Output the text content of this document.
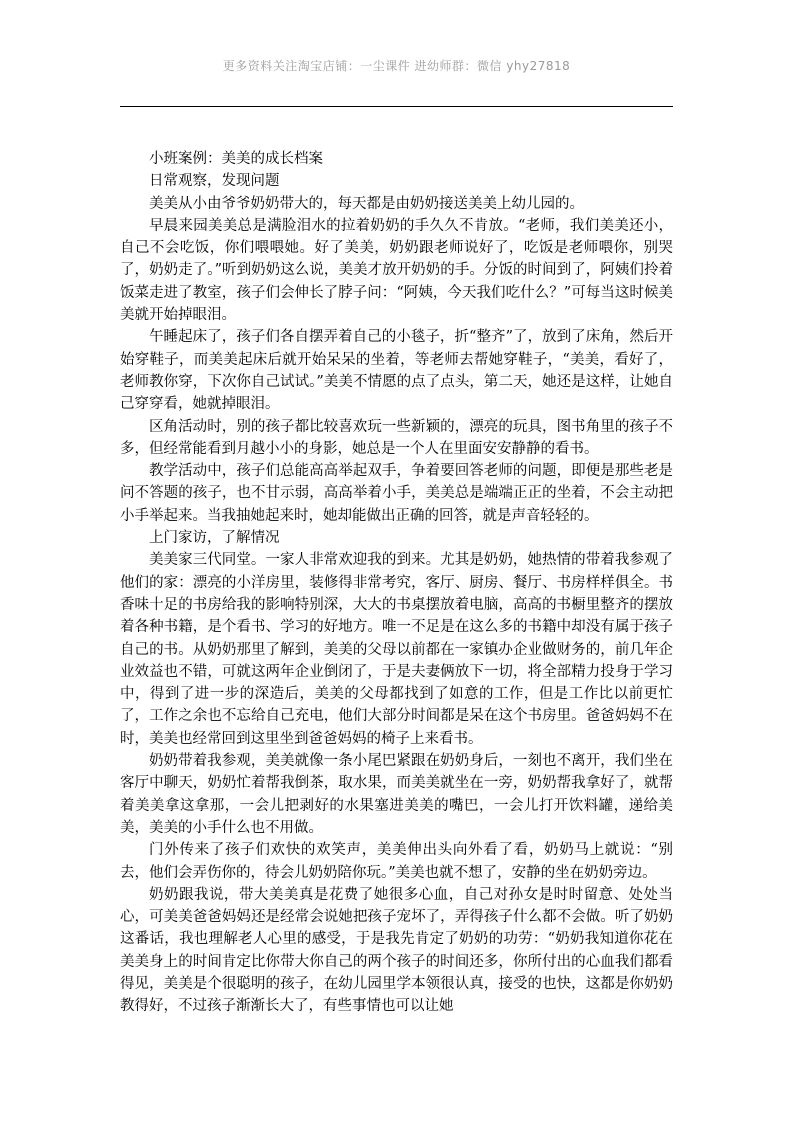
更多资料关注淘宝店铺：一尘课件 进幼师群：微信 yhy27818

小班案例：美美的成长档案

日常观察，发现问题

美美从小由爷爷奶奶带大的，每天都是由奶奶接送美美上幼儿园的。

早晨来园美美总是满脸泪水的拉着奶奶的手久久不肯放。“老师，我们美美还小，自己不会吃饭，你们喂喂她。好了美美，奶奶跟老师说好了，吃饭是老师喂你，别哭了，奶奶走了。”听到奶奶这么说，美美才放开奶奶的手。分饭的时间到了，阿姨们拎着饭菜走进了教室，孩子们会伸长了脖子问：“阿姨，今天我们吃什么？”可每当这时候美美就开始掉眼泪。

午睡起床了，孩子们各自摆弄着自己的小毯子，折“整齐”了，放到了床角，然后开始穿鞋子，而美美起床后就开始呆呆的坐着，等老师去帮她穿鞋子，“美美，看好了，老师教你穿，下次你自己试试。”美美不情愿的点了点头，第二天，她还是这样，让她自己穿穿看，她就掉眼泪。

区角活动时，别的孩子都比较喜欢玩一些新颖的，漂亮的玩具，图书角里的孩子不多，但经常能看到月越小小的身影，她总是一个人在里面安安静静的看书。

教学活动中，孩子们总能高高举起双手，争着要回答老师的问题，即便是那些老是问不答题的孩子，也不甘示弱，高高举着小手，美美总是端端正正的坐着，不会主动把小手举起来。当我抽她起来时，她却能做出正确的回答，就是声音轻轻的。

上门家访，了解情况

美美家三代同堂。一家人非常欢迎我的到来。尤其是奶奶，她热情的带着我参观了他们的家：漂亮的小洋房里，装修得非常考究，客厅、厨房、餐厅、书房样样俱全。书香味十足的书房给我的影响特别深，大大的书桌摆放着电脑，高高的书橱里整齐的摆放着各种书籍，是个看书、学习的好地方。唯一不足是在这么多的书籍中却没有属于孩子自己的书。从奶奶那里了解到，美美的父母以前都在一家镇办企业做财务的，前几年企业效益也不错，可就这两年企业倒闭了，于是夫妻俩放下一切，将全部精力投身于学习中，得到了进一步的深造后，美美的父母都找到了如意的工作，但是工作比以前更忙了，工作之余也不忘给自己充电，他们大部分时间都是呆在这个书房里。爸爸妈妈不在时，美美也经常回到这里坐到爸爸妈妈的椅子上来看书。

奶奶带着我参观，美美就像一条小尾巴紧跟在奶奶身后，一刻也不离开，我们坐在客厅中聊天，奶奶忙着帮我倒茶，取水果，而美美就坐在一旁，奶奶帮我拿好了，就帮着美美拿这拿那，一会儿把剥好的水果塞进美美的嘴巴，一会儿打开饮料罐，递给美美，美美的小手什么也不用做。

门外传来了孩子们欢快的欢笑声，美美伸出头向外看了看，奶奶马上就说：“别去，他们会弄伤你的，待会儿奶奶陪你玩。”美美也就不想了，安静的坐在奶奶旁边。

奶奶跟我说，带大美美真是花费了她很多心血，自己对孙女是时时留意、处处当心，可美美爸爸妈妈还是经常会说她把孩子宠坏了，弄得孩子什么都不会做。听了奶奶这番话，我也理解老人心里的感受，于是我先肯定了奶奶的功劳：“奶奶我知道你花在美美身上的时间肯定比你带大你自己的两个孩子的时间还多，你所付出的心血我们都看得见，美美是个很聪明的孩子，在幼儿园里学本领很认真，接受的也快，这都是你奶奶教得好，不过孩子渐渐长大了，有些事情也可以让她
